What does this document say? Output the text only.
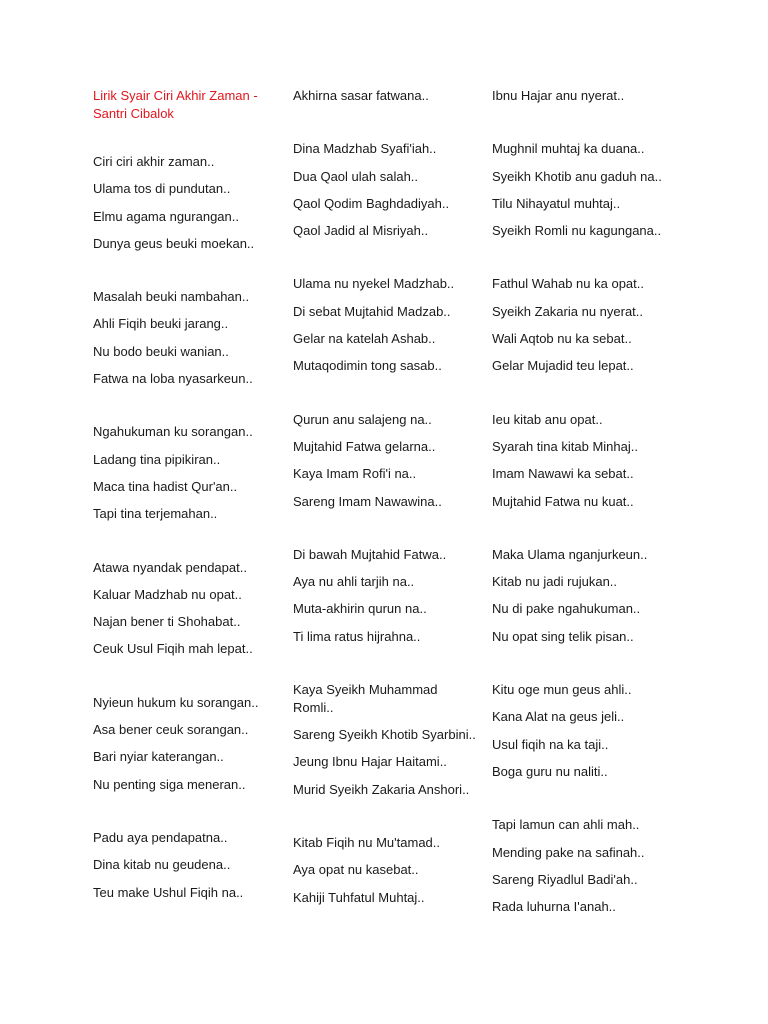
Lirik Syair Ciri Akhir Zaman - Santri Cibalok
Ciri ciri akhir zaman..
Ulama tos di pundutan..
Elmu agama ngurangan..
Dunya geus beuki moekan..
Masalah beuki nambahan..
Ahli Fiqih beuki jarang..
Nu bodo beuki wanian..
Fatwa na loba nyasarkeun..
Ngahukuman ku sorangan..
Ladang tina pipikiran..
Maca tina hadist Qur'an..
Tapi tina terjemahan..
Atawa nyandak pendapat..
Kaluar Madzhab nu opat..
Najan bener ti Shohabat..
Ceuk Usul Fiqih mah lepat..
Nyieun hukum ku sorangan..
Asa bener ceuk sorangan..
Bari nyiar katerangan..
Nu penting siga meneran..
Padu aya pendapatna..
Dina kitab nu geudena..
Teu make Ushul Fiqih na..
Akhirna sasar fatwana..
Dina Madzhab Syafi'iah..
Dua Qaol ulah salah..
Qaol Qodim Baghdadiyah..
Qaol Jadid al Misriyah..
Ulama nu nyekel Madzhab..
Di sebat Mujtahid Madzab..
Gelar na katelah Ashab..
Mutaqodimin tong sasab..
Qurun anu salajeng na..
Mujtahid Fatwa gelarna..
Kaya Imam Rofi'i na..
Sareng Imam Nawawina..
Di bawah Mujtahid Fatwa..
Aya nu ahli tarjih na..
Muta-akhirin qurun na..
Ti lima ratus hijrahna..
Kaya Syeikh Muhammad Romli..
Sareng Syeikh Khotib Syarbini..
Jeung Ibnu Hajar Haitami..
Murid Syeikh Zakaria Anshori..
Kitab Fiqih nu Mu'tamad..
Aya opat nu kasebat..
Kahiji Tuhfatul Muhtaj..
Ibnu Hajar anu nyerat..
Mughnil muhtaj ka duana..
Syeikh Khotib anu gaduh na..
Tilu Nihayatul muhtaj..
Syeikh Romli nu kagungana..
Fathul Wahab nu ka opat..
Syeikh Zakaria nu nyerat..
Wali Aqtob nu ka sebat..
Gelar Mujadid teu lepat..
Ieu kitab anu opat..
Syarah tina kitab Minhaj..
Imam Nawawi ka sebat..
Mujtahid Fatwa nu kuat..
Maka Ulama nganjurkeun..
Kitab nu jadi rujukan..
Nu di pake ngahukuman..
Nu opat sing telik pisan..
Kitu oge mun geus ahli..
Kana Alat na geus jeli..
Usul fiqih na ka taji..
Boga guru nu naliti..
Tapi lamun can ahli mah..
Mending pake na safinah..
Sareng Riyadlul Badi'ah..
Rada luhurna I'anah..
